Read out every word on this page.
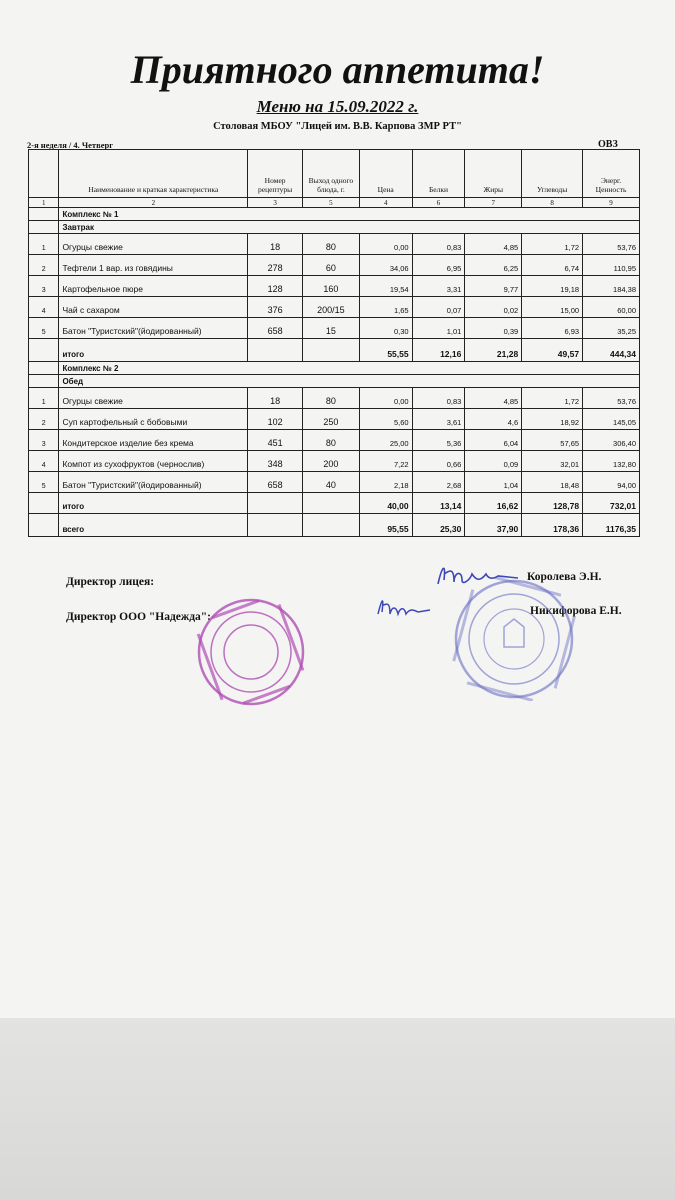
Приятного аппетита!
Меню на 15.09.2022 г.
Столовая МБОУ "Лицей им. В.В. Карпова ЗМР РТ"
2-я неделя / 4. Четверг	ОВЗ
	Наименование и краткая характеристика	Номер рецептуры	Выход одного блюда, г.	Цена	Белки	Жиры	Углеводы	Энерг. Ценность
1	2	3	5	4	6	7	8	9
	Комплекс № 1							
	Завтрак							
1	Огурцы свежие	18	80	0,00	0,83	4,85	1,72	53,76
2	Тефтели 1 вар. из говядины	278	60	34,06	6,95	6,25	6,74	110,95
3	Картофельное пюре	128	160	19,54	3,31	9,77	19,18	184,38
4	Чай с сахаром	376	200/15	1,65	0,07	0,02	15,00	60,00
5	Батон "Туристский"(йодированный)	658	15	0,30	1,01	0,39	6,93	35,25
	итого			55,55	12,16	21,28	49,57	444,34
	Комплекс № 2							
	Обед							
1	Огурцы свежие	18	80	0,00	0,83	4,85	1,72	53,76
2	Суп картофельный с бобовыми	102	250	5,60	3,61	4,6	18,92	145,05
3	Кондитерское изделие без крема	451	80	25,00	5,36	6,04	57,65	306,40
4	Компот из сухофруктов (чернослив)	348	200	7,22	0,66	0,09	32,01	132,80
5	Батон "Туристский"(йодированный)	658	40	2,18	2,68	1,04	18,48	94,00
	итого			40,00	13,14	16,62	128,78	732,01
	всего			95,55	25,30	37,90	178,36	1176,35
Директор лицея:	Королева Э.Н.
Директор ООО "Надежда":	Никифорова Е.Н.
